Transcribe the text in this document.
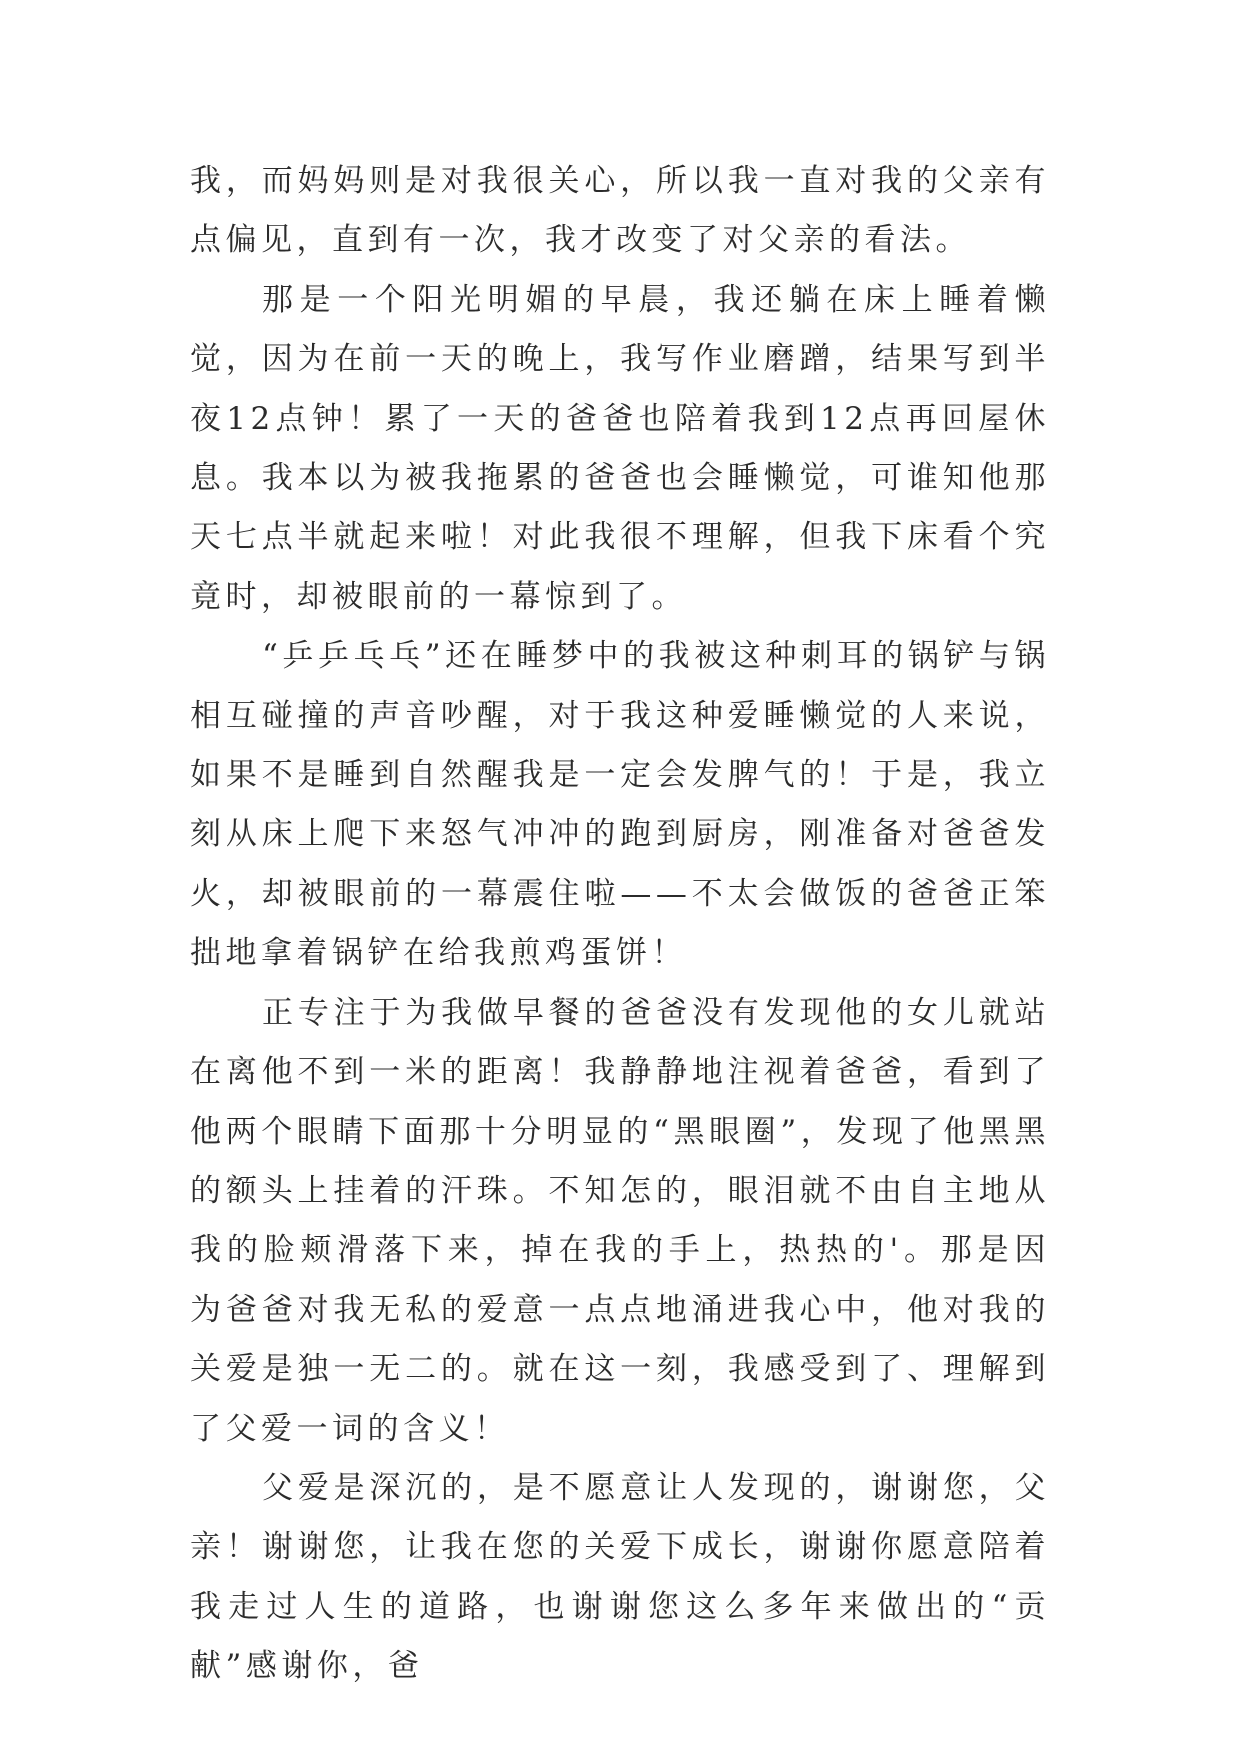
我，而妈妈则是对我很关心，所以我一直对我的父亲有点偏见，直到有一次，我才改变了对父亲的看法。

那是一个阳光明媚的早晨，我还躺在床上睡着懒觉，因为在前一天的晚上，我写作业磨蹭，结果写到半夜12点钟！累了一天的爸爸也陪着我到12点再回屋休息。我本以为被我拖累的爸爸也会睡懒觉，可谁知他那天七点半就起来啦！对此我很不理解，但我下床看个究竟时，却被眼前的一幕惊到了。

“乒乒乓乓”还在睡梦中的我被这种刺耳的锅铲与锅相互碰撞的声音吵醒，对于我这种爱睡懒觉的人来说，如果不是睡到自然醒我是一定会发脾气的！于是，我立刻从床上爬下来怒气冲冲的跑到厨房，刚准备对爸爸发火，却被眼前的一幕震住啦——不太会做饭的爸爸正笨拙地拿着锅铲在给我煎鸡蛋饼！

正专注于为我做早餐的爸爸没有发现他的女儿就站在离他不到一米的距离！我静静地注视着爸爸，看到了他两个眼睛下面那十分明显的“黑眼圈”，发现了他黑黑的额头上挂着的汗珠。不知怎的，眼泪就不由自主地从我的脸颊滑落下来，掉在我的手上，热热的'。那是因为爸爸对我无私的爱意一点点地涌进我心中，他对我的关爱是独一无二的。就在这一刻，我感受到了、理解到了父爱一词的含义！

父爱是深沉的，是不愿意让人发现的，谢谢您，父亲！谢谢您，让我在您的关爱下成长，谢谢你愿意陪着我走过人生的道路，也谢谢您这么多年来做出的“贡献”感谢你，爸
